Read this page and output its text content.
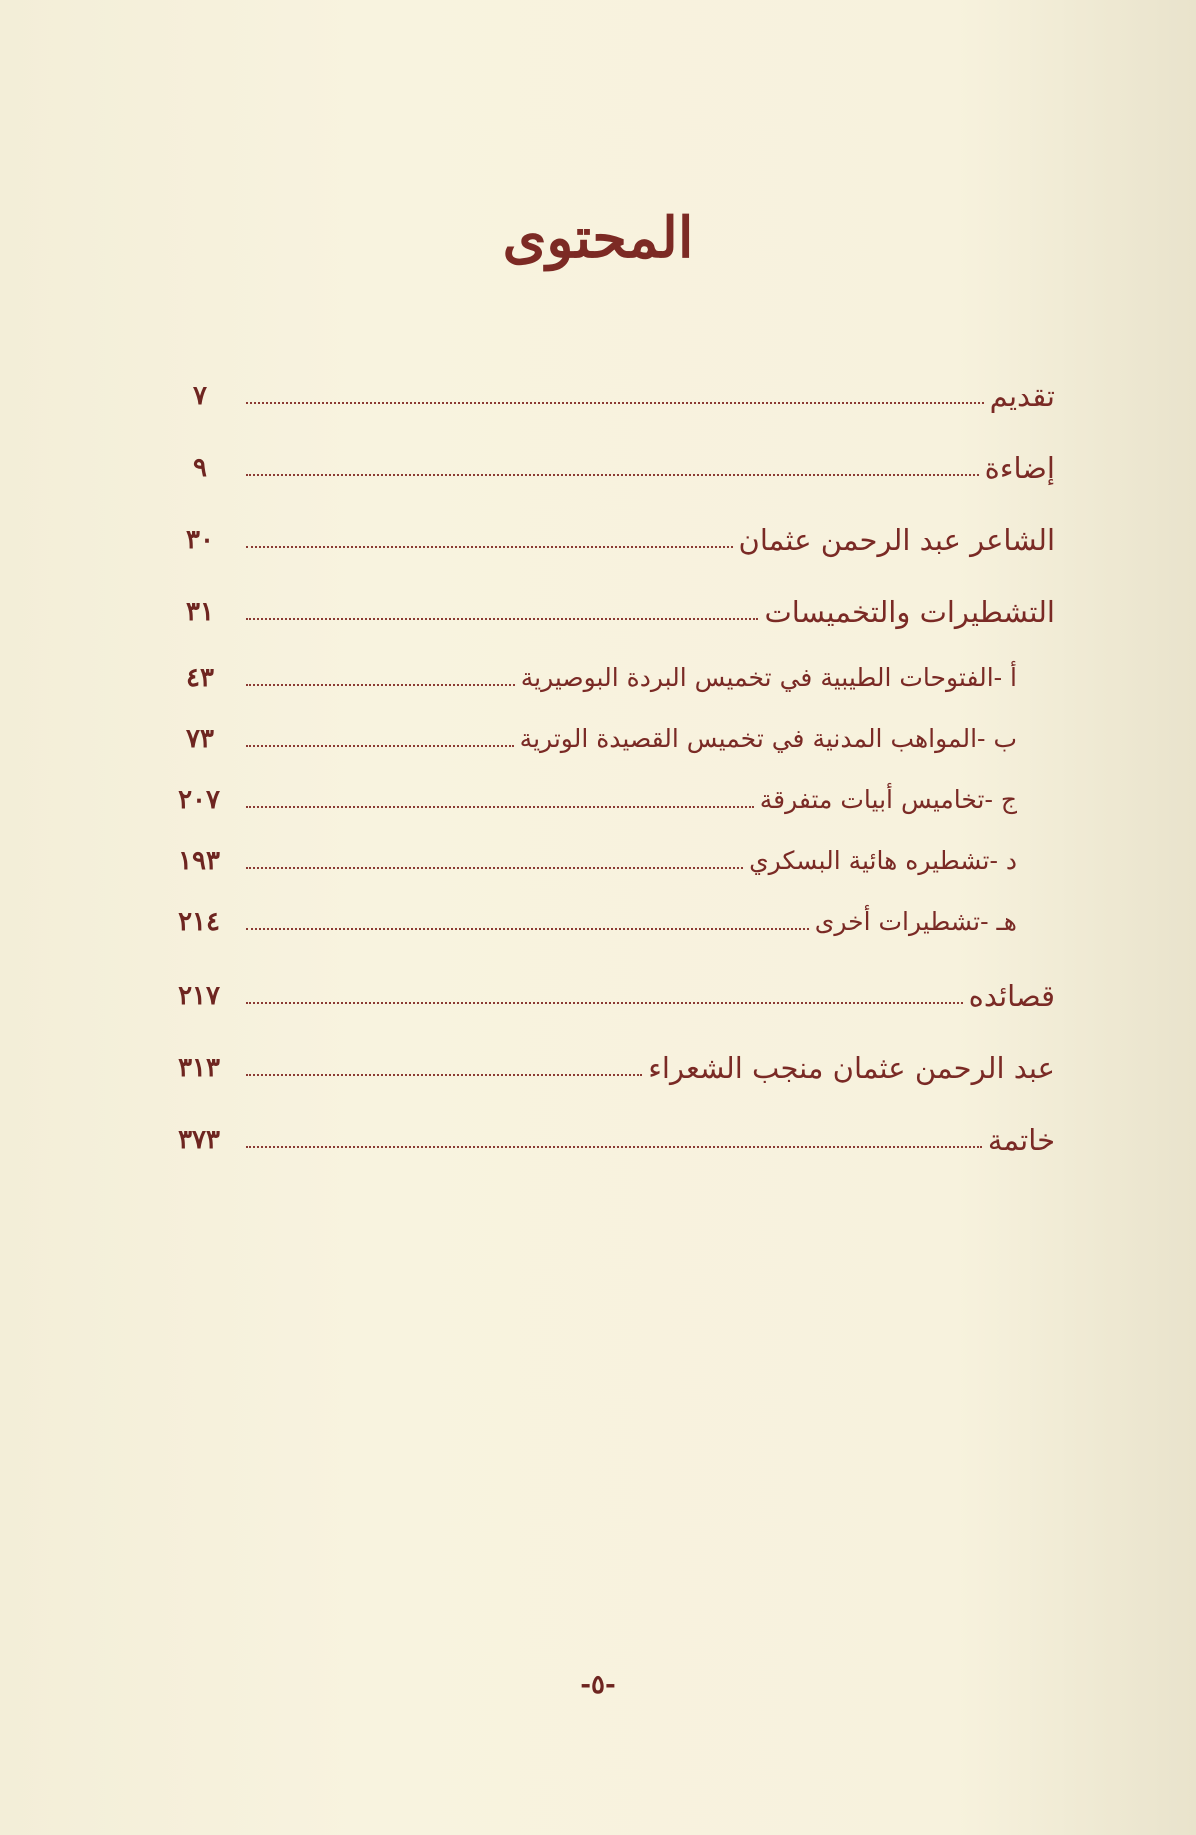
المحتوى
تقديم
٧
إضاءة
٩
الشاعر عبد الرحمن عثمان
٣٠
التشطيرات والتخميسات
٣١
أ -الفتوحات الطيبية في تخميس البردة البوصيرية
٤٣
ب -المواهب المدنية في تخميس القصيدة الوترية
٧٣
ج -تخاميس أبيات متفرقة
٢٠٧
د -تشطيره هائية البسكري
١٩٣
هـ -تشطيرات أخرى
٢١٤
قصائده
٢١٧
عبد الرحمن عثمان منجب الشعراء
٣١٣
خاتمة
٣٧٣
-٥-
